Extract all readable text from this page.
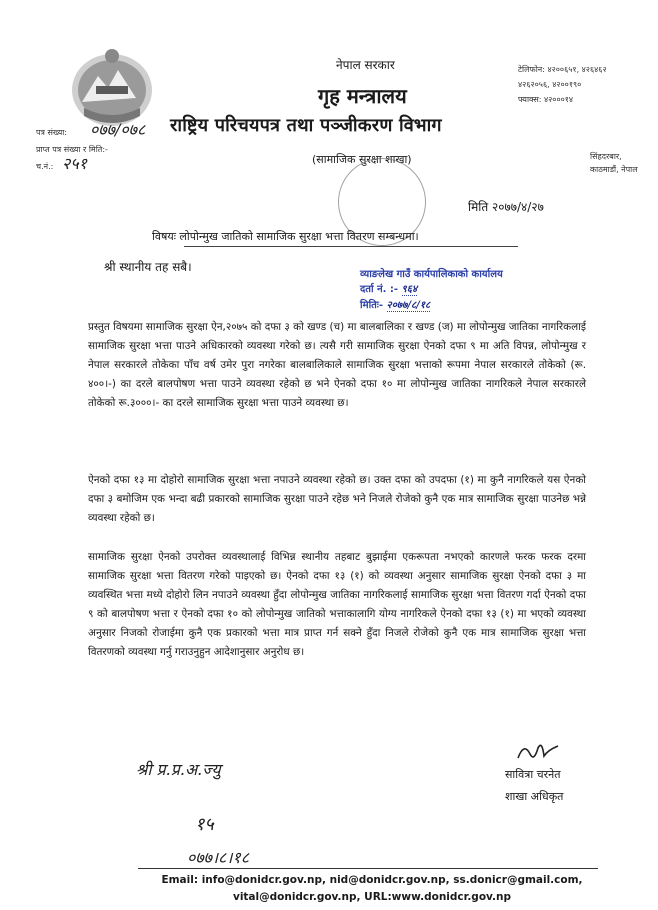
नेपाल सरकार
गृह मन्त्रालय
राष्ट्रिय परिचयपत्र तथा पञ्जीकरण विभाग
(सामाजिक सुरक्षा शाखा)
टेलिफोन: ४२००६५१, ४२६४६२
४२६२०५६, ४२००१९०
फ्याक्स: ४२०००१४
पत्र संख्या:
प्राप्त पत्र संख्या र मिति:-
च.नं.:
०७७/०७८
२५१	सिंहदरबार,
काठमाडौं, नेपाल
मिति २०७७/४/२७
विषयः लोपोन्मुख जातिको सामाजिक सुरक्षा भत्ता वितरण सम्बन्धमा।
श्री स्थानीय तह सबै।
व्याङलेख गाउँ कार्यपालिकाको कार्यालय
दर्ता नं. :- ९६४
मितिः- २०७७/८/१८
प्रस्तुत विषयमा सामाजिक सुरक्षा ऐन,२०७५ को दफा ३ को खण्ड (च) मा बालबालिका र खण्ड (ज) मा लोपोन्मुख जातिका नागरिकलाई सामाजिक सुरक्षा भत्ता पाउने अधिकारको व्यवस्था गरेको छ। त्यसै गरी सामाजिक सुरक्षा ऐनको दफा ९ मा अति विपन्न, लोपोन्मुख र नेपाल सरकारले तोकेका पाँच वर्ष उमेर पुरा नगरेका बालबालिकाले सामाजिक सुरक्षा भत्ताको रूपमा नेपाल सरकारले तोकेको (रू. ४००।-) का दरले बालपोषण भत्ता पाउने व्यवस्था रहेको छ भने ऐनको दफा १० मा लोपोन्मुख जातिका नागरिकले नेपाल सरकारले तोकेको रू.३०००।- का दरले सामाजिक सुरक्षा भत्ता पाउने व्यवस्था छ।
ऐनको दफा १३ मा दोहोरो सामाजिक सुरक्षा भत्ता नपाउने व्यवस्था रहेको छ। उक्त दफा को उपदफा (१) मा कुनै नागरिकले यस ऐनको दफा ३ बमोजिम एक भन्दा बढी प्रकारको सामाजिक सुरक्षा पाउने रहेछ भने निजले रोजेको कुनै एक मात्र सामाजिक सुरक्षा पाउनेछ भन्ने व्यवस्था रहेको छ।
सामाजिक सुरक्षा ऐनको उपरोक्त व्यवस्थालाई विभिन्न स्थानीय तहबाट बुझाईमा एकरूपता नभएको कारणले फरक फरक दरमा सामाजिक सुरक्षा भत्ता वितरण गरेको पाइएको छ। ऐनको दफा १३ (१) को व्यवस्था अनुसार सामाजिक सुरक्षा ऐनको दफा ३ मा व्यवस्थित भत्ता मध्ये दोहोरो लिन नपाउने व्यवस्था हुँदा लोपोन्मुख जातिका नागरिकलाई सामाजिक सुरक्षा भत्ता वितरण गर्दा ऐनको दफा ९ को बालपोषण भत्ता र ऐनको दफा १० को लोपोन्मुख जातिको भत्ताकालागि योग्य नागरिकले ऐनको दफा १३ (१) मा भएको व्यवस्था अनुसार निजको रोजाईमा कुनै एक प्रकारको भत्ता मात्र प्राप्त गर्न सक्ने हुँदा निजले रोजेको कुनै एक मात्र सामाजिक सुरक्षा भत्ता वितरणको व्यवस्था गर्नु गराउनुहुन आदेशानुसार अनुरोध छ।
सावित्रा चरनेत
शाखा अधिकृत
श्री प्र.प्र.अ.ज्यु
१५
०७७।८।१८
Email: info@donidcr.gov.np, nid@donidcr.gov.np, ss.donicr@gmail.com,
vital@donidcr.gov.np, URL:www.donidcr.gov.np
